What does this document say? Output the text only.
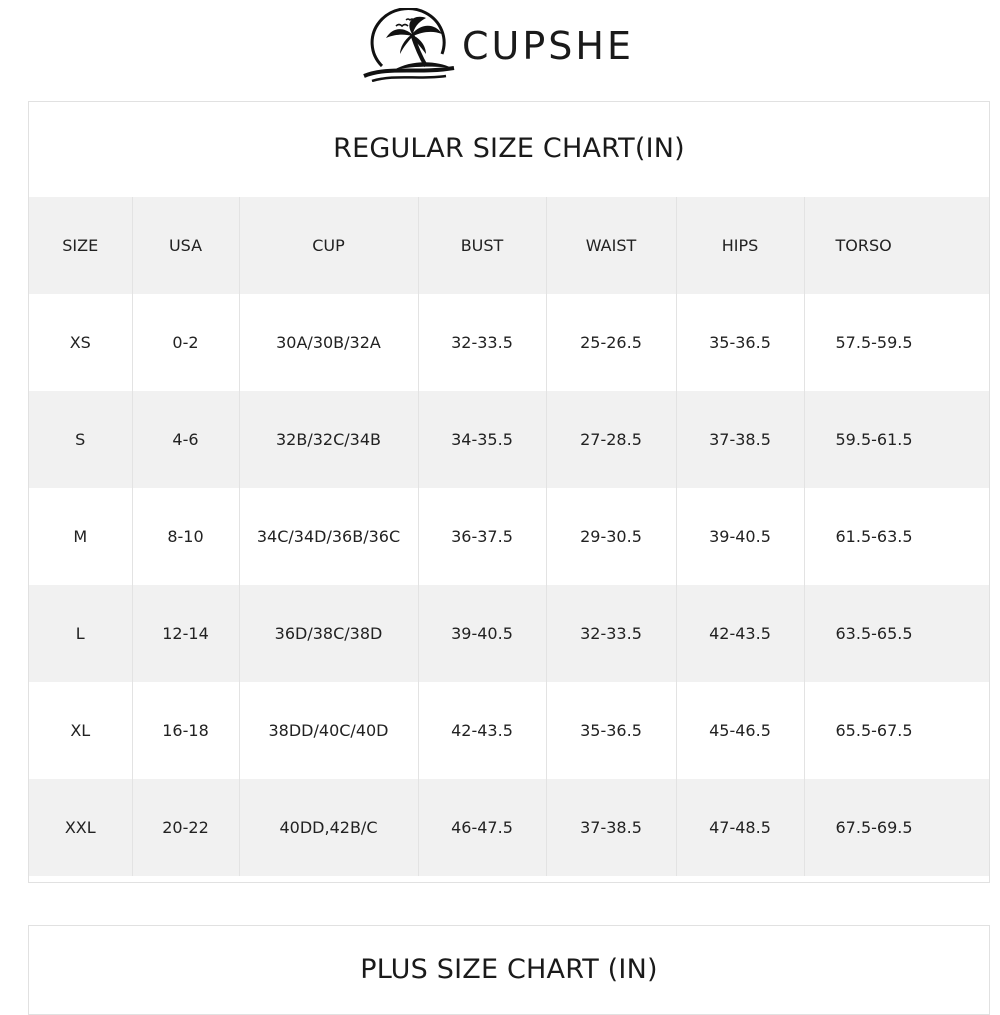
CUPSHE
REGULAR SIZE CHART(IN)
SIZE	USA	CUP	BUST	WAIST	HIPS	TORSO
XS	0-2	30A/30B/32A	32-33.5	25-26.5	35-36.5	57.5-59.5
S	4-6	32B/32C/34B	34-35.5	27-28.5	37-38.5	59.5-61.5
M	8-10	34C/34D/36B/36C	36-37.5	29-30.5	39-40.5	61.5-63.5
L	12-14	36D/38C/38D	39-40.5	32-33.5	42-43.5	63.5-65.5
XL	16-18	38DD/40C/40D	42-43.5	35-36.5	45-46.5	65.5-67.5
XXL	20-22	40DD,42B/C	46-47.5	37-38.5	47-48.5	67.5-69.5
PLUS SIZE CHART (IN)
